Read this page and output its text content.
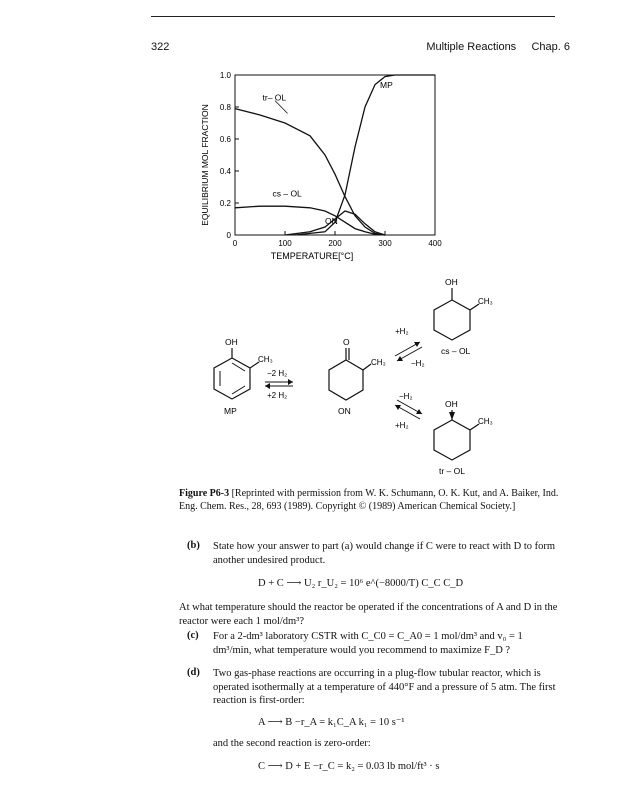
322	Multiple Reactions Chap. 6
0	100	200	300	400
0
0.2
0.4
0.6
0.8
1.0
tr– OL
cs – OL
ON
MP
EQUILIBRIUM MOL FRACTION
TEMPERATURE[°C]
OH
CH₃
MP
−2 H₂
+2 H₂
O
CH₃
ON
+H₂
−H₂
−H₂
+H₂
OH
CH₃
cs – OL
OH
CH₃
tr – OL
Figure P6-3 [Reprinted with permission from W. K. Schumann, O. K. Kut, and A. Baiker, Ind. Eng. Chem. Res., 28, 693 (1989). Copyright © (1989) American Chemical Society.]
(b) State how your answer to part (a) would change if C were to react with D to form another undesired product.
D + C ⟶ U₂ r_U₂ = 10⁶ e^(−8000/T) C_C C_D
At what temperature should the reactor be operated if the concentrations of A and D in the reactor were each 1 mol/dm³?
(c) For a 2-dm³ laboratory CSTR with C_C0 = C_A0 = 1 mol/dm³ and v₀ = 1 dm³/min, what temperature would you recommend to maximize F_D ?
(d) Two gas-phase reactions are occurring in a plug-flow tubular reactor, which is operated isothermally at a temperature of 440°F and a pressure of 5 atm. The first reaction is first-order:
A ⟶ B −r_A = k₁C_A k₁ = 10 s⁻¹
and the second reaction is zero-order:
C ⟶ D + E −r_C = k₂ = 0.03 lb mol/ft³ · s
